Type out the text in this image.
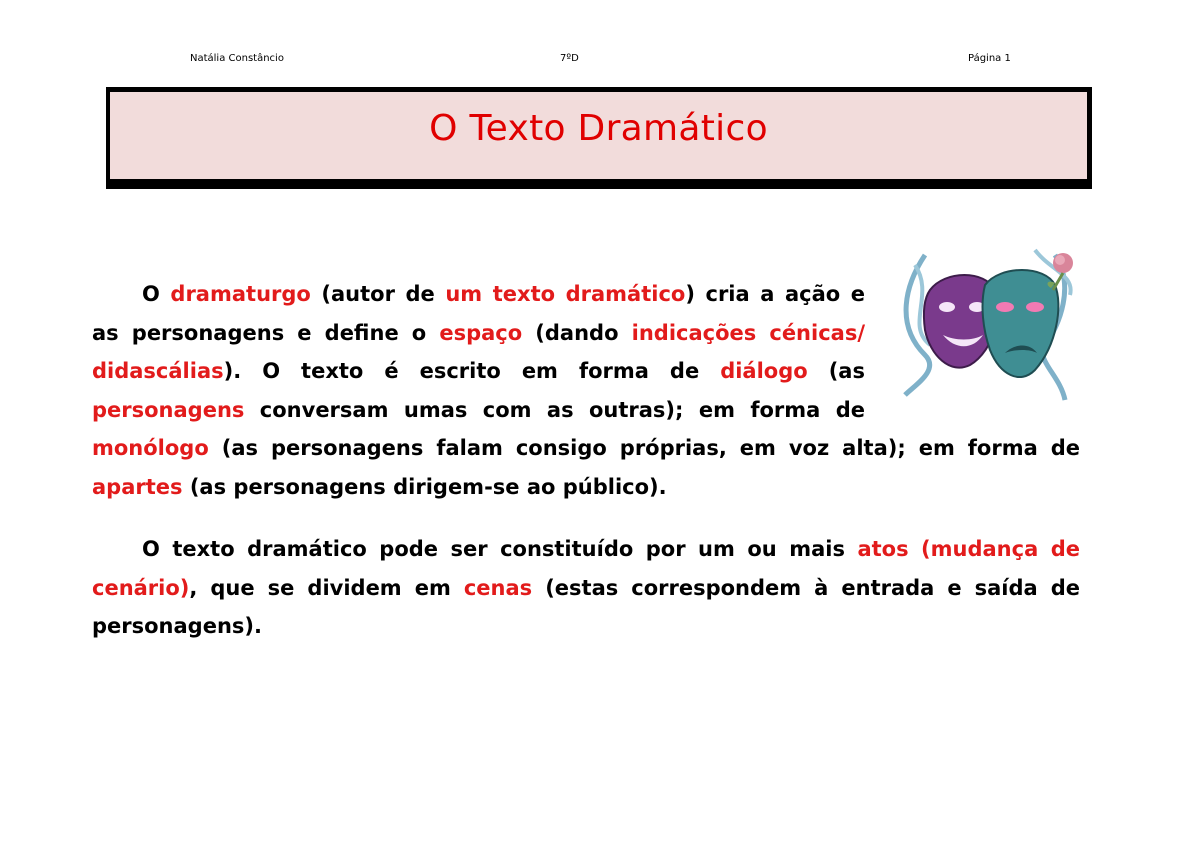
Natália Constâncio	7ºD	Página 1
O Texto Dramático

O dramaturgo (autor de um texto dramático) cria a ação e as personagens e define o espaço (dando indicações cénicas/ didascálias). O texto é escrito em forma de diálogo (as personagens conversam umas com as outras); em forma de monólogo (as personagens falam consigo próprias, em voz alta); em forma de apartes (as personagens dirigem-se ao público).

O texto dramático pode ser constituído por um ou mais atos (mudança de cenário), que se dividem em cenas (estas correspondem à entrada e saída de personagens).
